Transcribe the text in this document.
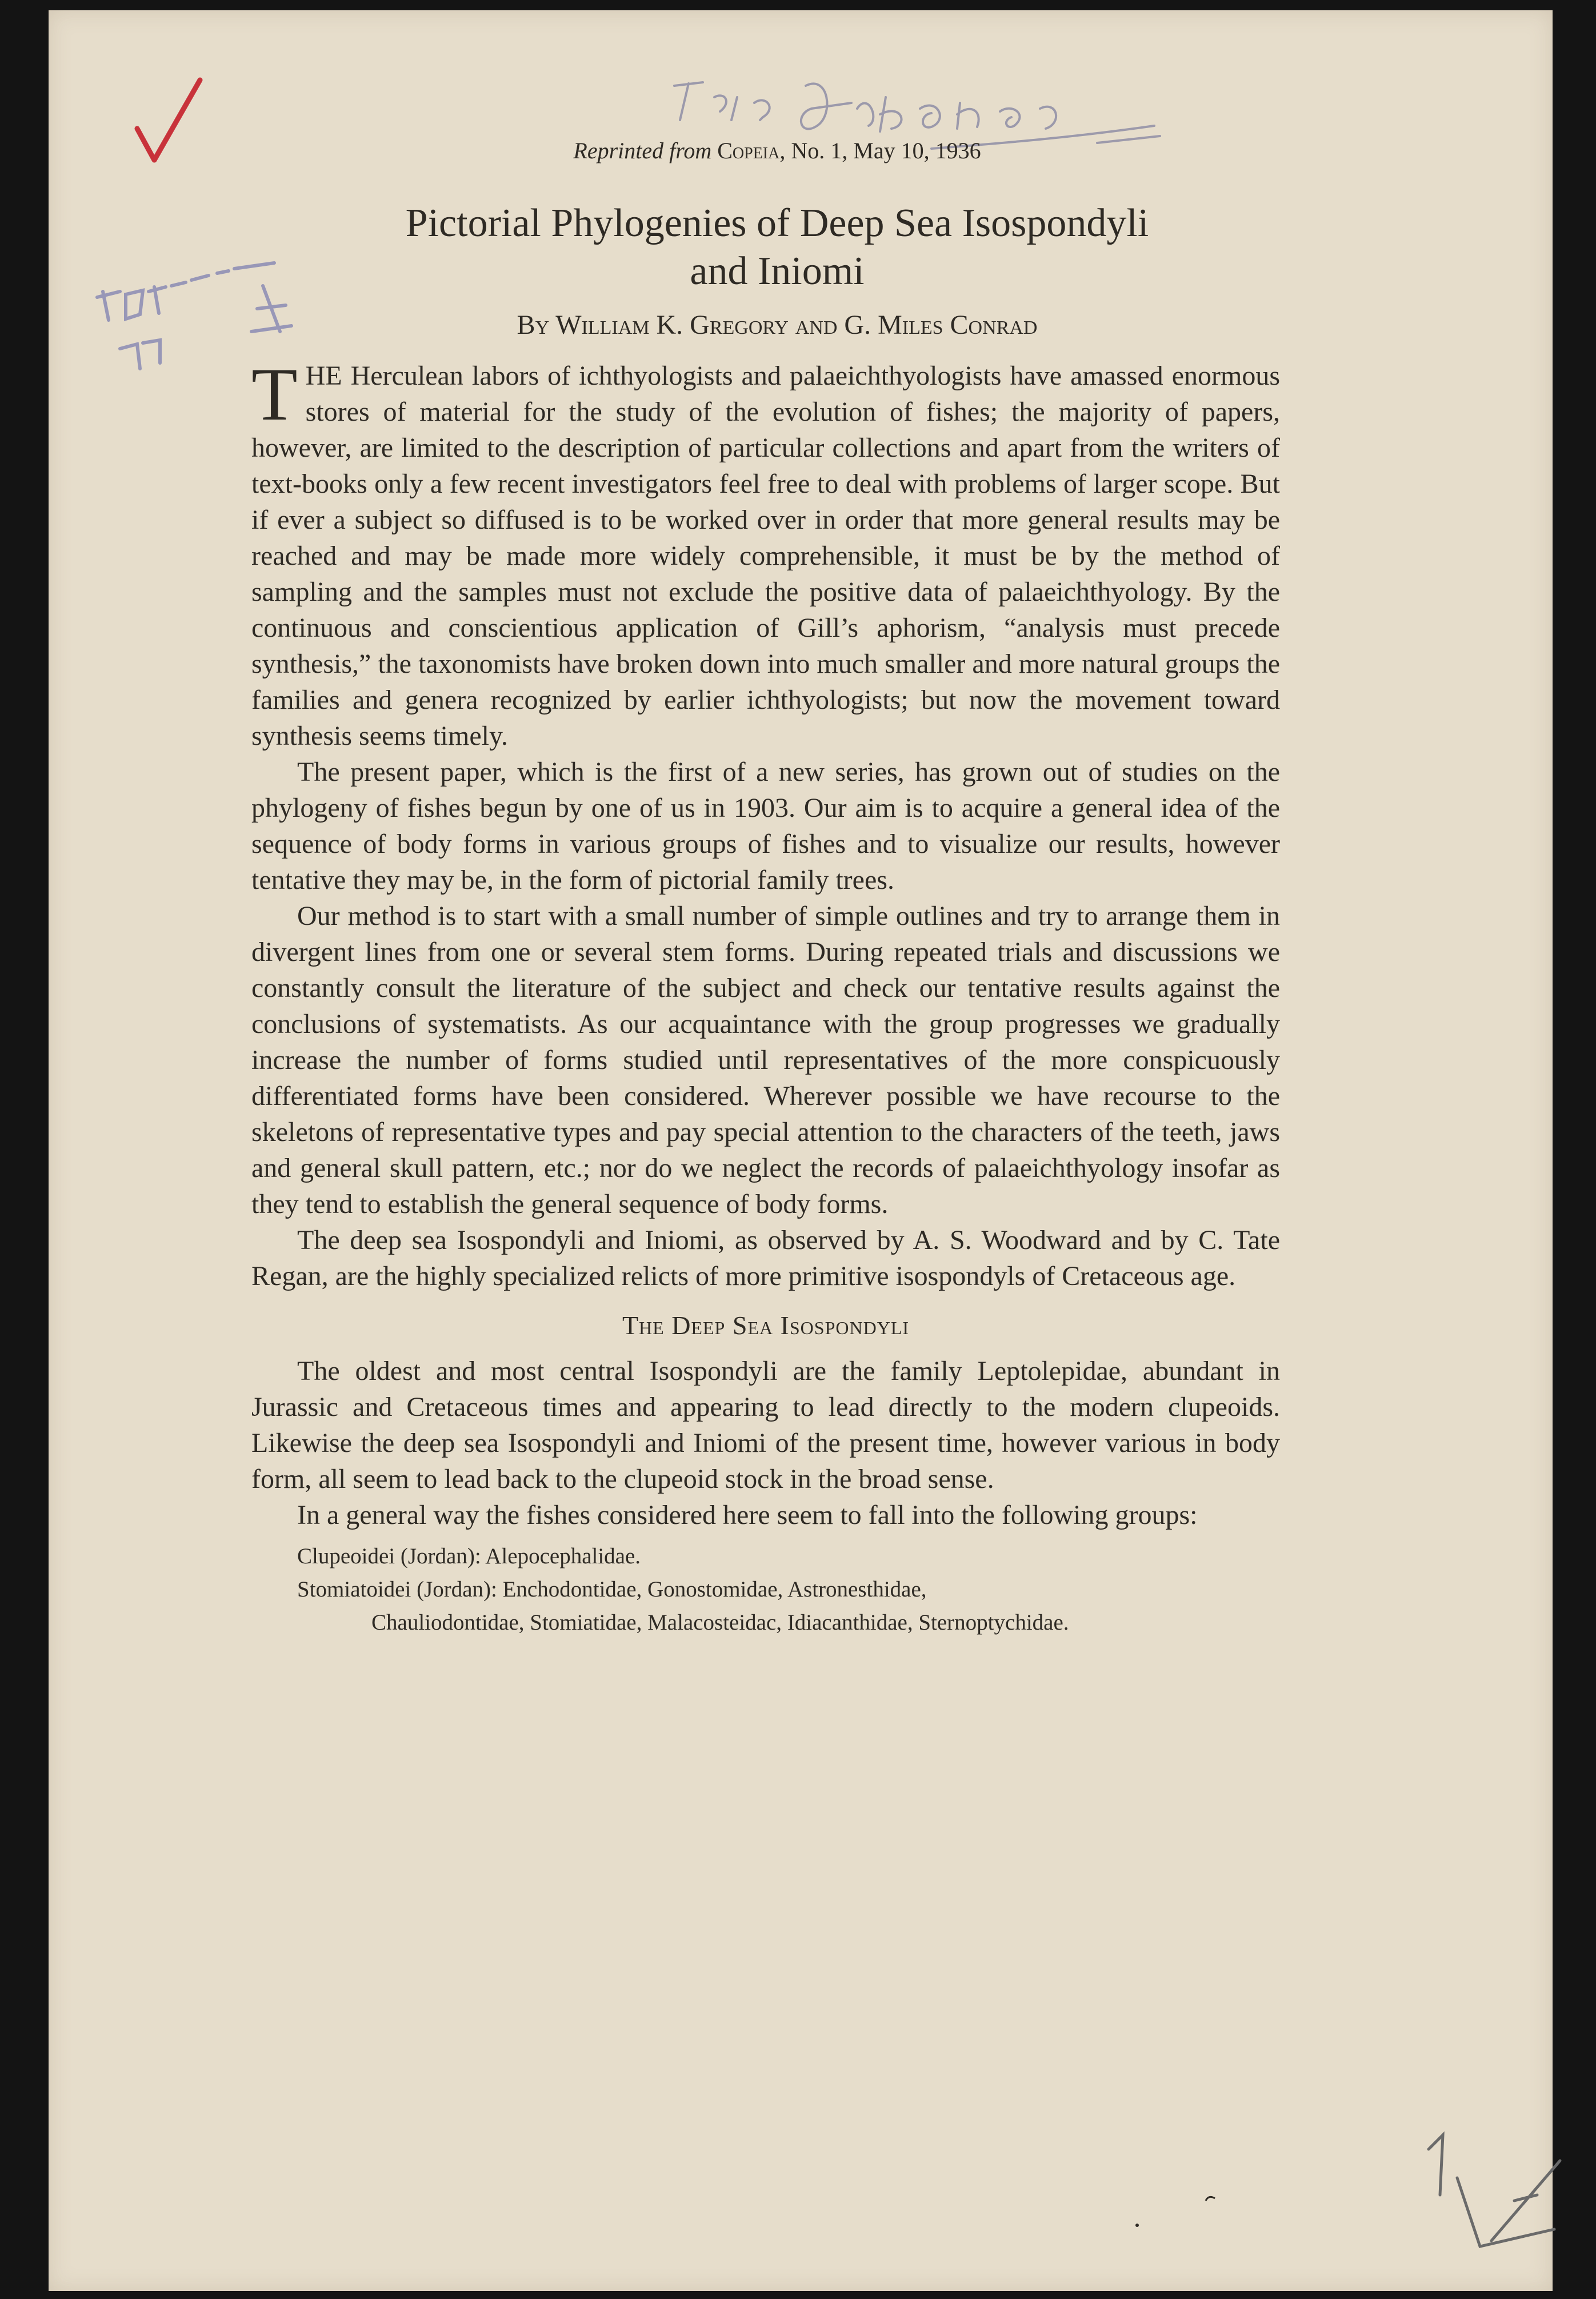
Reprinted from Copeia, No. 1, May 10, 1936
Pictorial Phylogenies of Deep Sea Isospondyli
and Iniomi
By William K. Gregory and G. Miles Conrad

THE Herculean labors of ichthyologists and palaeichthyologists have amassed enormous stores of material for the study of the evolution of fishes; the majority of papers, however, are limited to the description of particular collections and apart from the writers of text-books only a few recent investigators feel free to deal with problems of larger scope. But if ever a subject so diffused is to be worked over in order that more general results may be reached and may be made more widely comprehensible, it must be by the method of sampling and the samples must not exclude the positive data of palaeichthyology. By the continuous and conscientious application of Gill’s aphorism, “analysis must precede synthesis,” the taxonomists have broken down into much smaller and more natural groups the families and genera recognized by earlier ichthyologists; but now the movement toward synthesis seems timely.

The present paper, which is the first of a new series, has grown out of studies on the phylogeny of fishes begun by one of us in 1903. Our aim is to acquire a general idea of the sequence of body forms in various groups of fishes and to visualize our results, however tentative they may be, in the form of pictorial family trees.

Our method is to start with a small number of simple outlines and try to arrange them in divergent lines from one or several stem forms. During repeated trials and discussions we constantly consult the literature of the subject and check our tentative results against the conclusions of systematists. As our acquaintance with the group progresses we gradually increase the number of forms studied until representatives of the more conspicuously differentiated forms have been considered. Wherever possible we have recourse to the skeletons of representative types and pay special attention to the characters of the teeth, jaws and general skull pattern, etc.; nor do we neglect the records of palaeichthyology insofar as they tend to establish the general sequence of body forms.

The deep sea Isospondyli and Iniomi, as observed by A. S. Woodward and by C. Tate Regan, are the highly specialized relicts of more primitive isospondyls of Cretaceous age.

The Deep Sea Isospondyli

The oldest and most central Isospondyli are the family Leptolepidae, abundant in Jurassic and Cretaceous times and appearing to lead directly to the modern clupeoids. Likewise the deep sea Isospondyli and Iniomi of the present time, however various in body form, all seem to lead back to the clupeoid stock in the broad sense.

In a general way the fishes considered here seem to fall into the following groups:

Clupeoidei (Jordan): Alepocephalidae.
Stomiatoidei (Jordan): Enchodontidae, Gonostomidae, Astronesthidae,
Chauliodontidae, Stomiatidae, Malacosteidac, Idiacanthidae, Sternoptychidae.
